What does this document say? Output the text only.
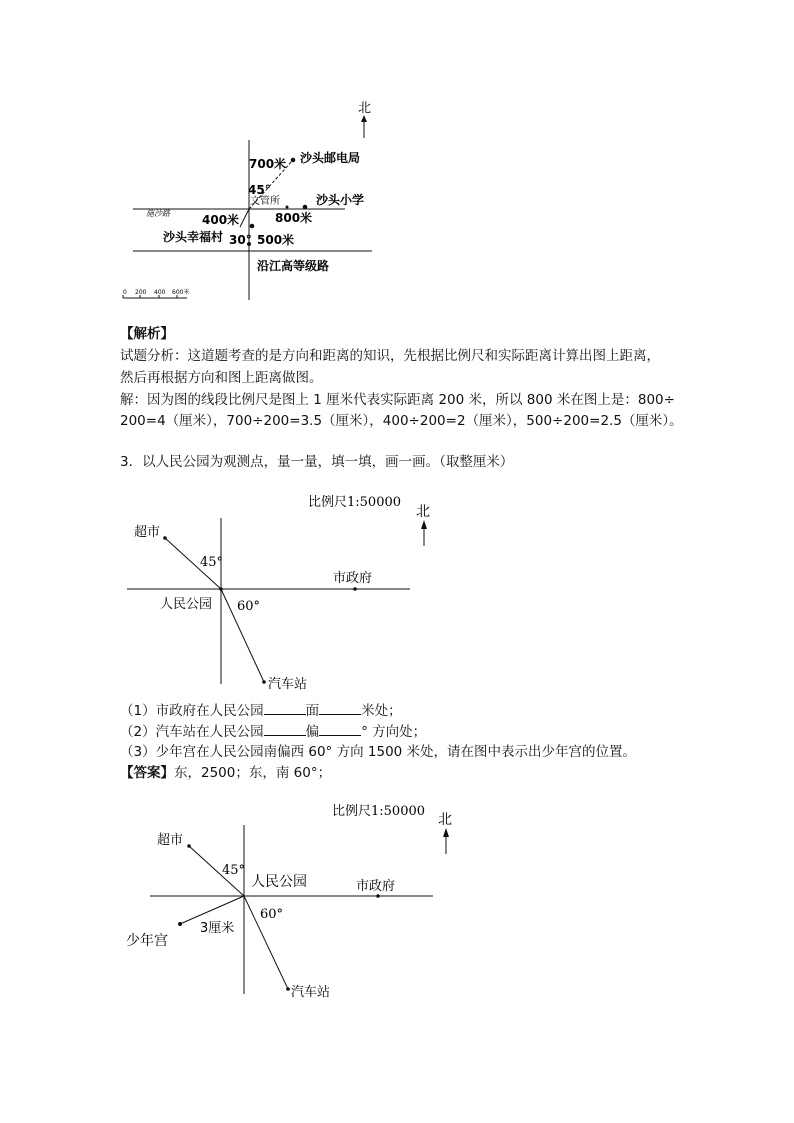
北
沙头邮电局
700米
45°
文管所	沙头小学
800米
施沙路	400米
沙头幸福村 30° 500米
沿江高等级路
0 200 400 600米
【解析】
试题分析：这道题考查的是方向和距离的知识，先根据比例尺和实际距离计算出图上距离，
然后再根据方向和图上距离做图。
解：因为图的线段比例尺是图上 1 厘米代表实际距离 200 米，所以 800 米在图上是：800÷
200=4（厘米），700÷200=3.5（厘米），400÷200=2（厘米），500÷200=2.5（厘米）。
3．以人民公园为观测点，量一量，填一填，画一画。（取整厘米）
比例尺1:50000
北
超市
45°
市政府
人民公园 60°
汽车站
（1）市政府在人民公园	面	米处；
（2）汽车站在人民公园	偏	° 方向处；
（3）少年宫在人民公园南偏西 60° 方向 1500 米处，请在图中表示出少年宫的位置。
【答案】东，2500；东，南 60°；
比例尺1:50000
北
超市
45°
人民公园	市政府
60°
3厘米
少年宫
汽车站
